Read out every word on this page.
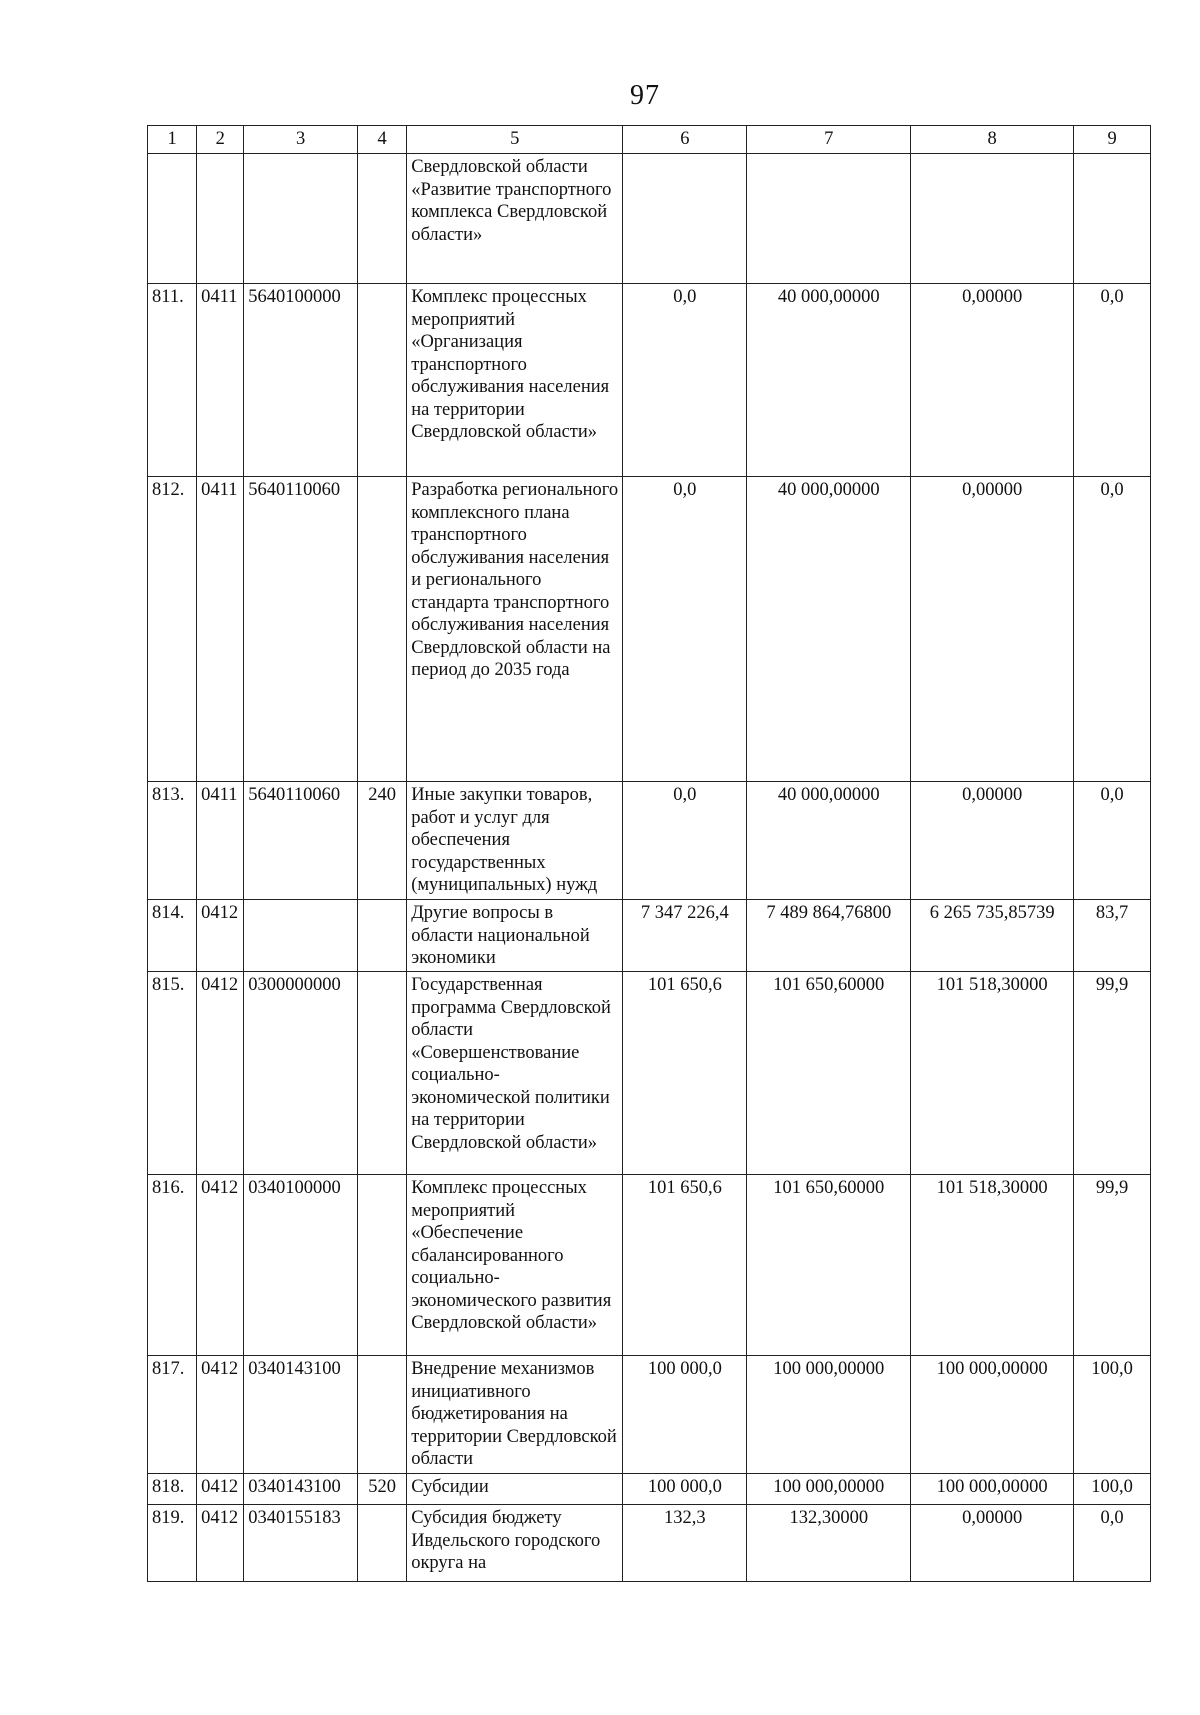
97
1	2	3	4	5	6	7	8	9
				Свердловской области «Развитие транспортного комплекса Свердловской области»				
811.	0411	5640100000		Комплекс процессных мероприятий «Организация транспортного обслуживания населения на территории Свердловской области»	0,0	40 000,00000	0,00000	0,0
812.	0411	5640110060		Разработка регионального комплексного плана транспортного обслуживания населения и регионального стандарта транспортного обслуживания населения Свердловской области на период до 2035 года	0,0	40 000,00000	0,00000	0,0
813.	0411	5640110060	240	Иные закупки товаров, работ и услуг для обеспечения государственных (муниципальных) нужд	0,0	40 000,00000	0,00000	0,0
814.	0412			Другие вопросы в области национальной экономики	7 347 226,4	7 489 864,76800	6 265 735,85739	83,7
815.	0412	0300000000		Государственная программа Свердловской области «Совершенствование социально-экономической политики на территории Свердловской области»	101 650,6	101 650,60000	101 518,30000	99,9
816.	0412	0340100000		Комплекс процессных мероприятий «Обеспечение сбалансированного социально-экономического развития Свердловской области»	101 650,6	101 650,60000	101 518,30000	99,9
817.	0412	0340143100		Внедрение механизмов инициативного бюджетирования на территории Свердловской области	100 000,0	100 000,00000	100 000,00000	100,0
818.	0412	0340143100	520	Субсидии	100 000,0	100 000,00000	100 000,00000	100,0
819.	0412	0340155183		Субсидия бюджету Ивдельского городского округа на	132,3	132,30000	0,00000	0,0
